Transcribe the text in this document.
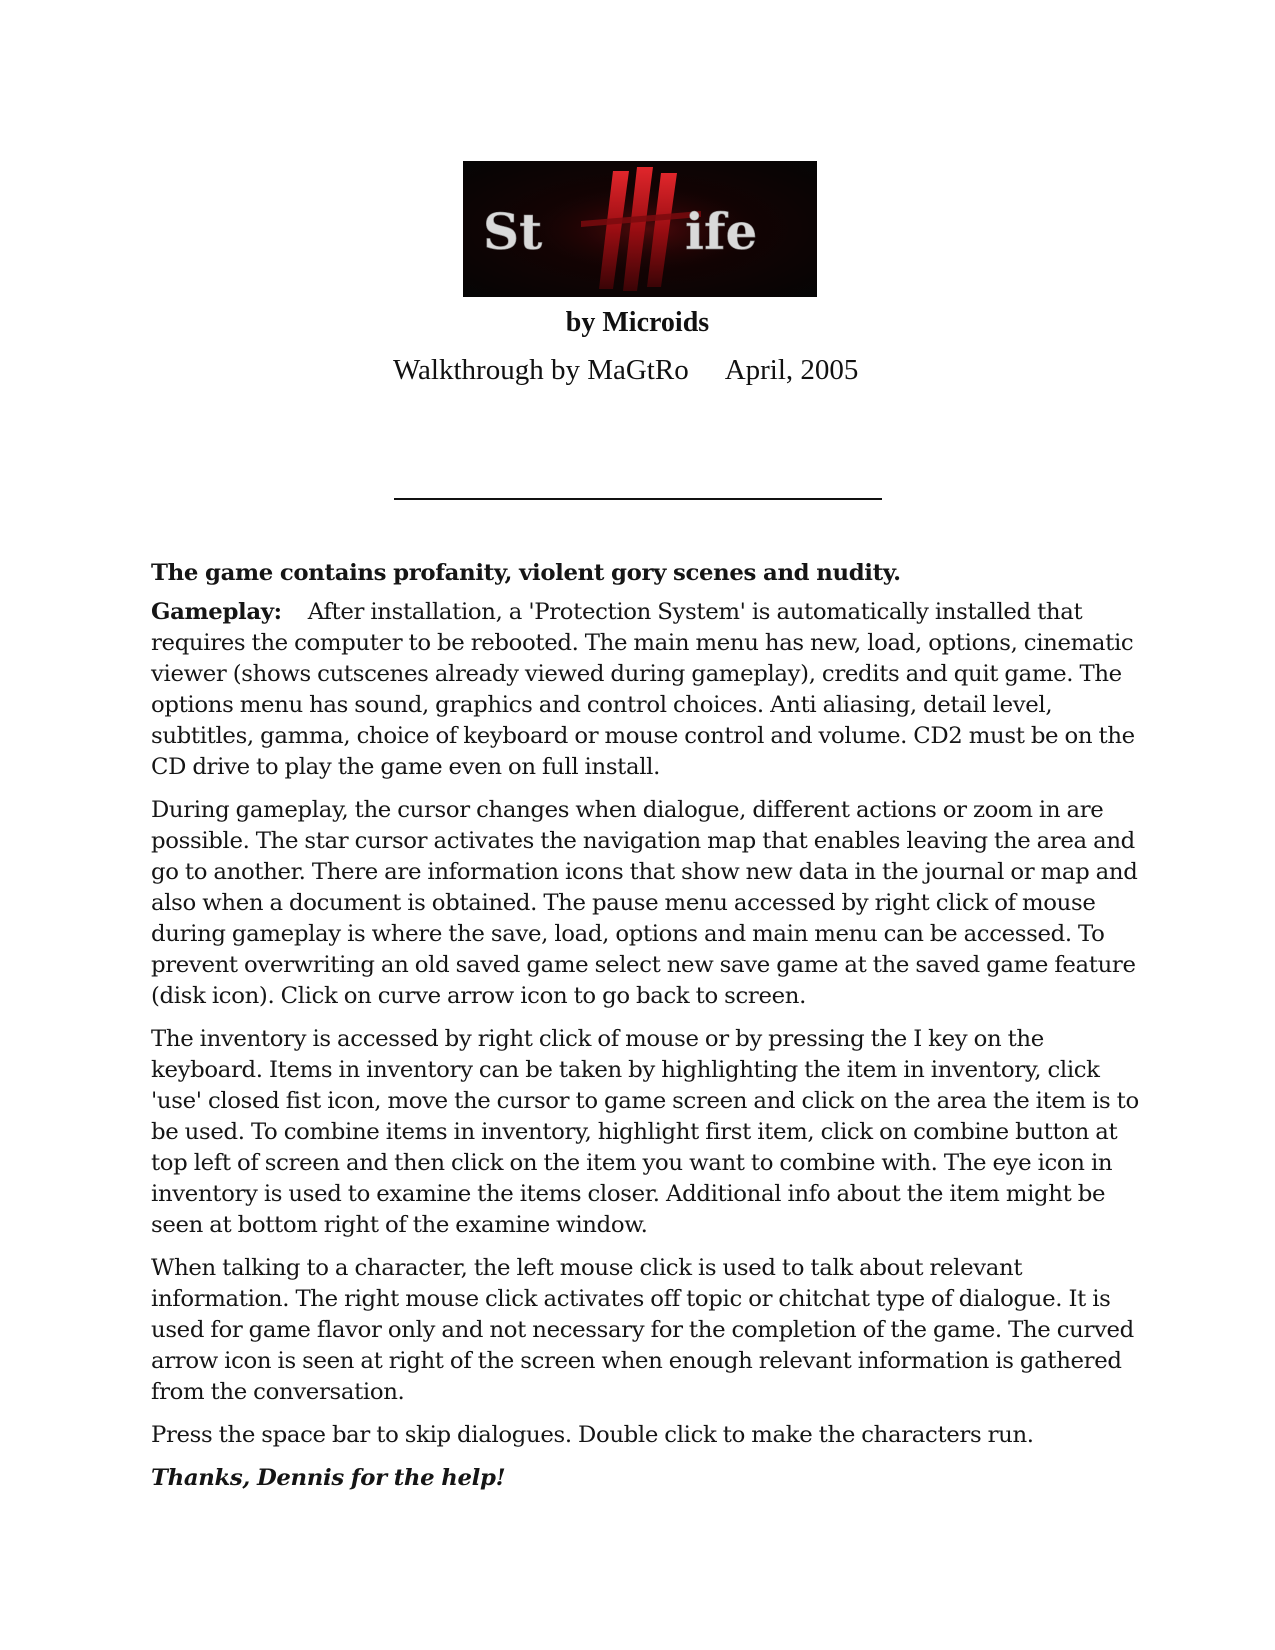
St	ife
by Microids
Walkthrough by MaGtRo April, 2005

The game contains profanity, violent gory scenes and nudity.

Gameplay: After installation, a 'Protection System' is automatically installed that requires the computer to be rebooted. The main menu has new, load, options, cinematic viewer (shows cutscenes already viewed during gameplay), credits and quit game. The options menu has sound, graphics and control choices. Anti aliasing, detail level, subtitles, gamma, choice of keyboard or mouse control and volume. CD2 must be on the CD drive to play the game even on full install.

During gameplay, the cursor changes when dialogue, different actions or zoom in are possible. The star cursor activates the navigation map that enables leaving the area and go to another. There are information icons that show new data in the journal or map and also when a document is obtained. The pause menu accessed by right click of mouse during gameplay is where the save, load, options and main menu can be accessed. To prevent overwriting an old saved game select new save game at the saved game feature (disk icon). Click on curve arrow icon to go back to screen.

The inventory is accessed by right click of mouse or by pressing the I key on the keyboard. Items in inventory can be taken by highlighting the item in inventory, click 'use' closed fist icon, move the cursor to game screen and click on the area the item is to be used. To combine items in inventory, highlight first item, click on combine button at top left of screen and then click on the item you want to combine with. The eye icon in inventory is used to examine the items closer. Additional info about the item might be seen at bottom right of the examine window.

When talking to a character, the left mouse click is used to talk about relevant information. The right mouse click activates off topic or chitchat type of dialogue. It is used for game flavor only and not necessary for the completion of the game. The curved arrow icon is seen at right of the screen when enough relevant information is gathered from the conversation.

Press the space bar to skip dialogues. Double click to make the characters run.

Thanks, Dennis for the help!
